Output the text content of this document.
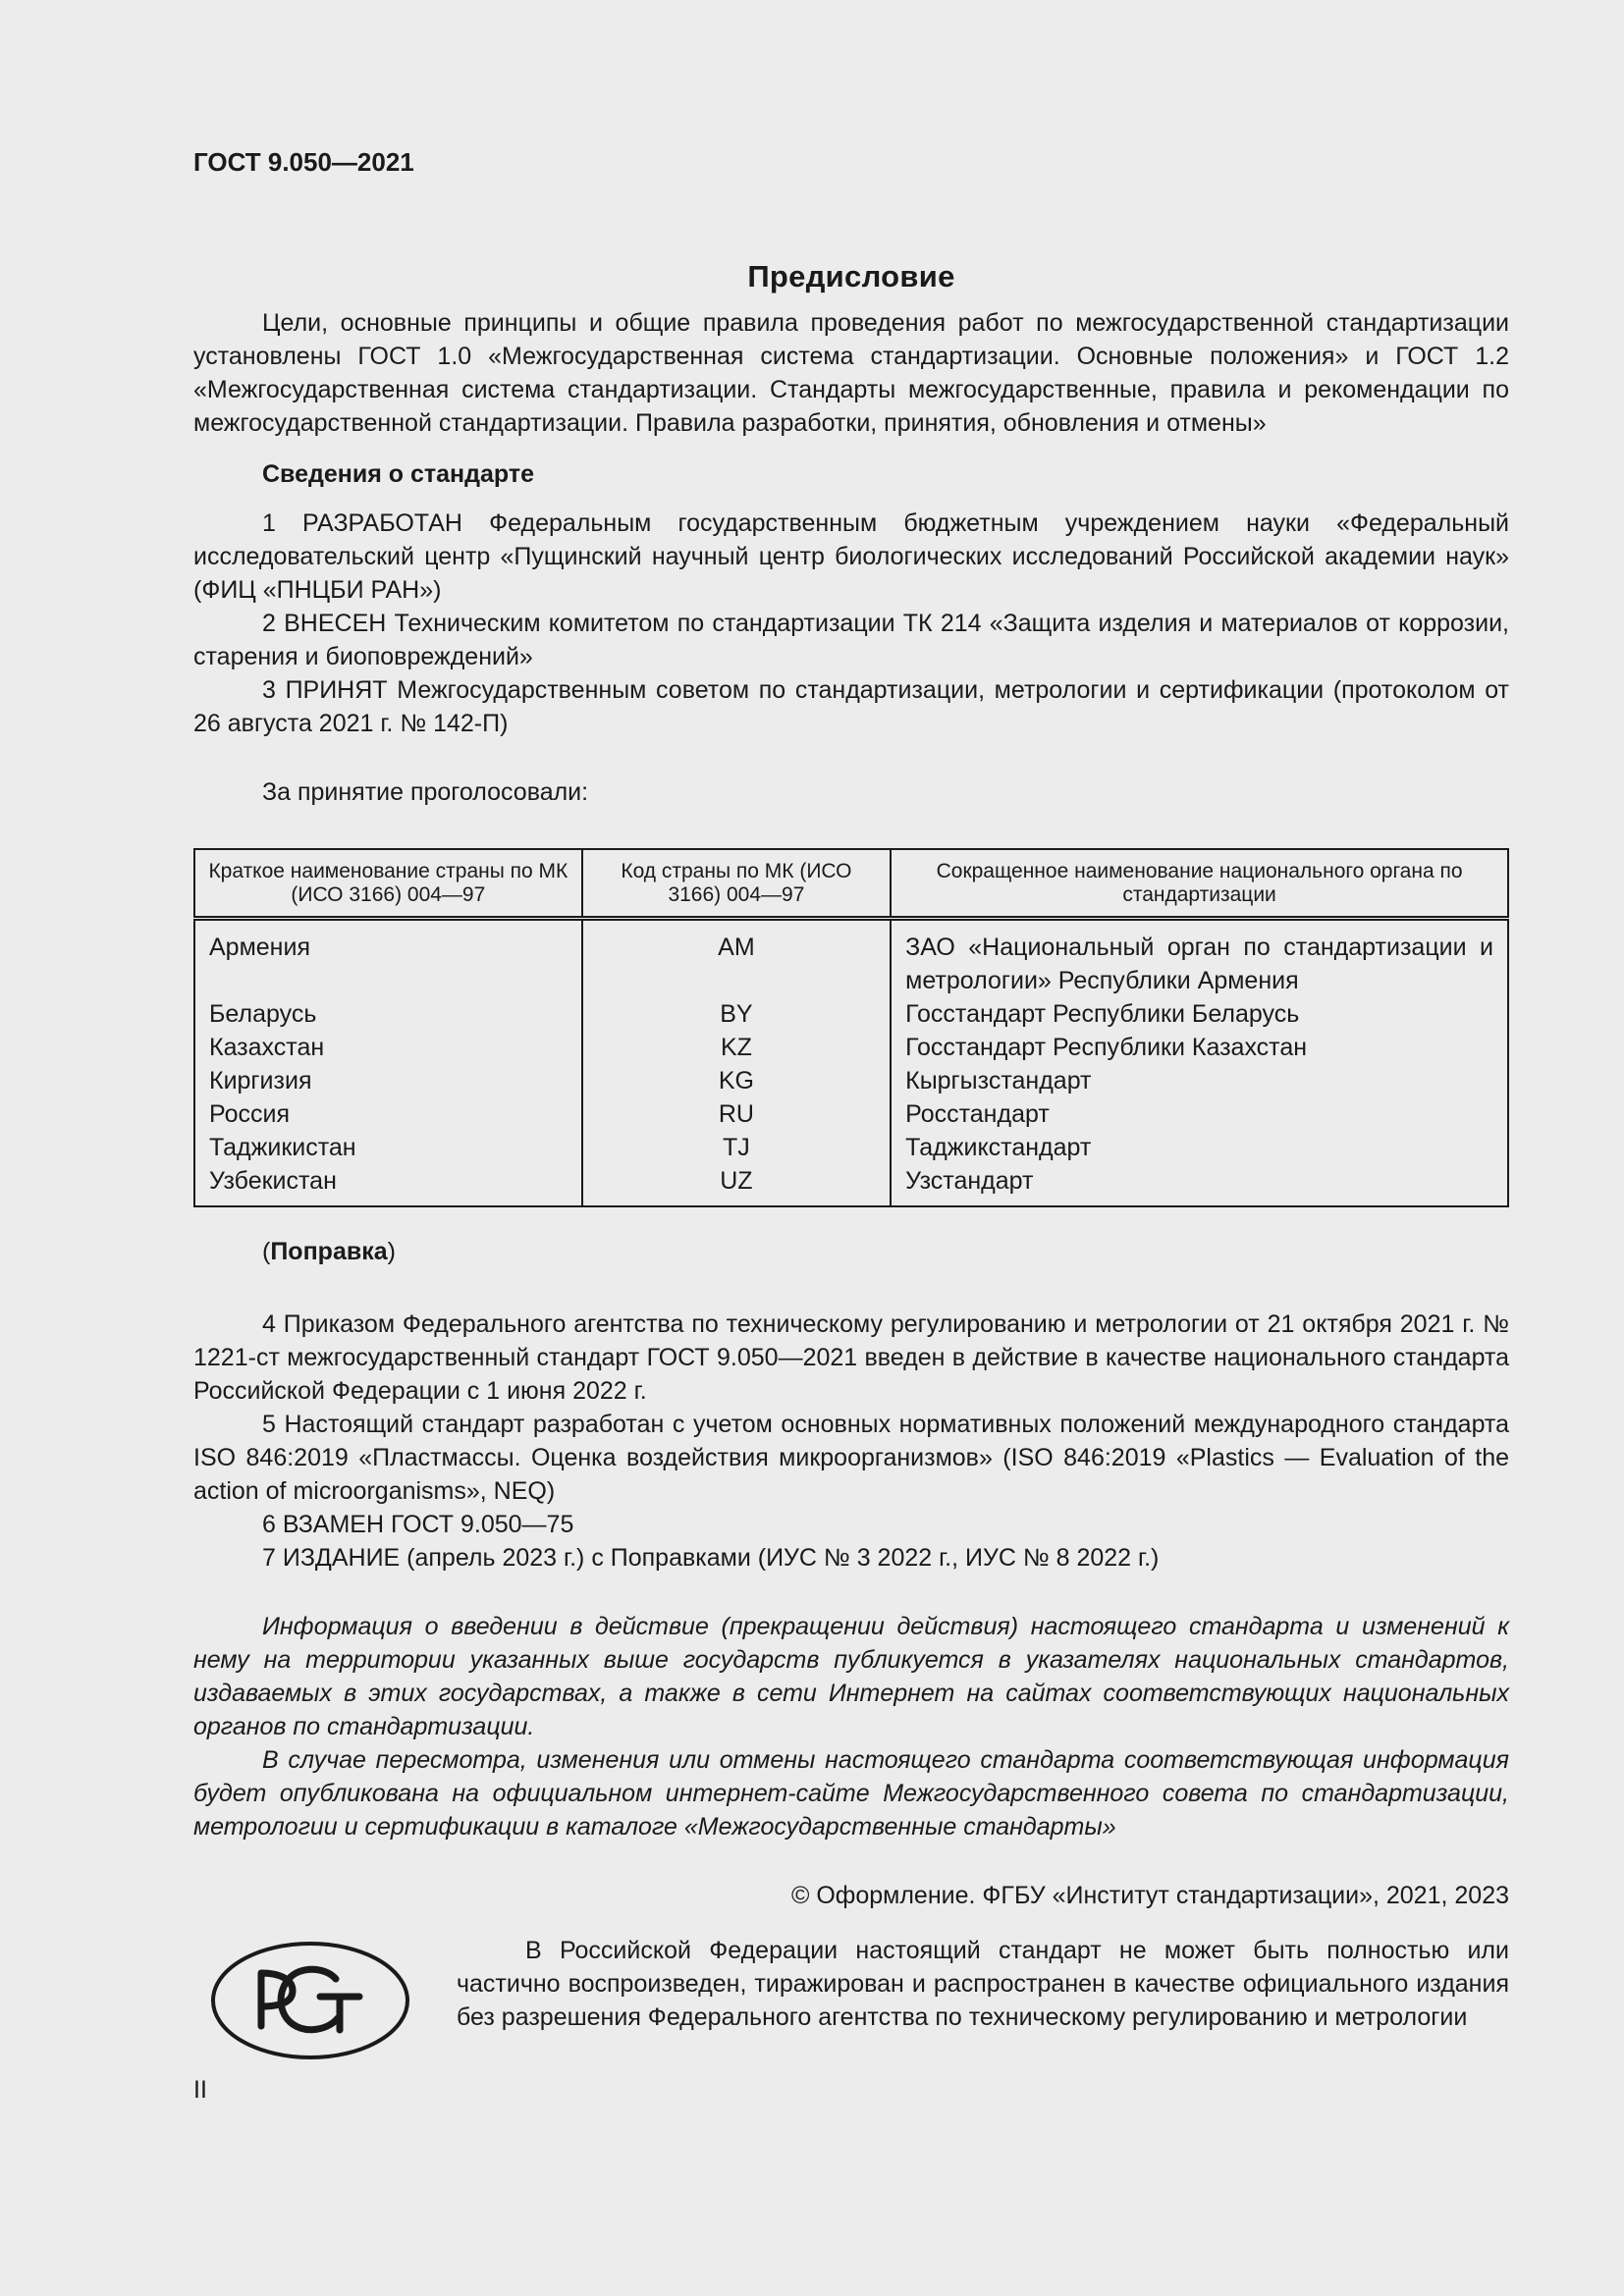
ГОСТ 9.050—2021
Предисловие

Цели, основные принципы и общие правила проведения работ по межгосударственной стандартизации установлены ГОСТ 1.0 «Межгосударственная система стандартизации. Основные положения» и ГОСТ 1.2 «Межгосударственная система стандартизации. Стандарты межгосударственные, правила и рекомендации по межгосударственной стандартизации. Правила разработки, принятия, обновления и отмены»

Сведения о стандарте

1 РАЗРАБОТАН Федеральным государственным бюджетным учреждением науки «Федеральный исследовательский центр «Пущинский научный центр биологических исследований Российской академии наук» (ФИЦ «ПНЦБИ РАН»)

2 ВНЕСЕН Техническим комитетом по стандартизации ТК 214 «Защита изделия и материалов от коррозии, старения и биоповреждений»

3 ПРИНЯТ Межгосударственным советом по стандартизации, метрологии и сертификации (протоколом от 26 августа 2021 г. № 142-П)

За принятие проголосовали:

Краткое наименование страны по МК (ИСО 3166) 004—97	Код страны по МК (ИСО 3166) 004—97	Сокращенное наименование национального органа по стандартизации
Армения	AM	ЗАО «Национальный орган по стандартизации и метрологии» Республики Армения
Беларусь	BY	Госстандарт Республики Беларусь
Казахстан	KZ	Госстандарт Республики Казахстан
Киргизия	KG	Кыргызстандарт
Россия	RU	Росстандарт
Таджикистан	TJ	Таджикстандарт
Узбекистан	UZ	Узстандарт

(Поправка)

4 Приказом Федерального агентства по техническому регулированию и метрологии от 21 октября 2021 г. № 1221-ст межгосударственный стандарт ГОСТ 9.050—2021 введен в действие в качестве национального стандарта Российской Федерации с 1 июня 2022 г.

5 Настоящий стандарт разработан с учетом основных нормативных положений международного стандарта ISO 846:2019 «Пластмассы. Оценка воздействия микроорганизмов» (ISO 846:2019 «Plastics — Evaluation of the action of microorganisms», NEQ)

6 ВЗАМЕН ГОСТ 9.050—75

7 ИЗДАНИЕ (апрель 2023 г.) с Поправками (ИУС № 3 2022 г., ИУС № 8 2022 г.)

Информация о введении в действие (прекращении действия) настоящего стандарта и изменений к нему на территории указанных выше государств публикуется в указателях национальных стандартов, издаваемых в этих государствах, а также в сети Интернет на сайтах соответствующих национальных органов по стандартизации.

В случае пересмотра, изменения или отмены настоящего стандарта соответствующая информация будет опубликована на официальном интернет-сайте Межгосударственного совета по стандартизации, метрологии и сертификации в каталоге «Межгосударственные стандарты»

© Оформление. ФГБУ «Институт стандартизации», 2021, 2023

В Российской Федерации настоящий стандарт не может быть полностью или частично воспроизведен, тиражирован и распространен в качестве официального издания без разрешения Федерального агентства по техническому регулированию и метрологии

II
